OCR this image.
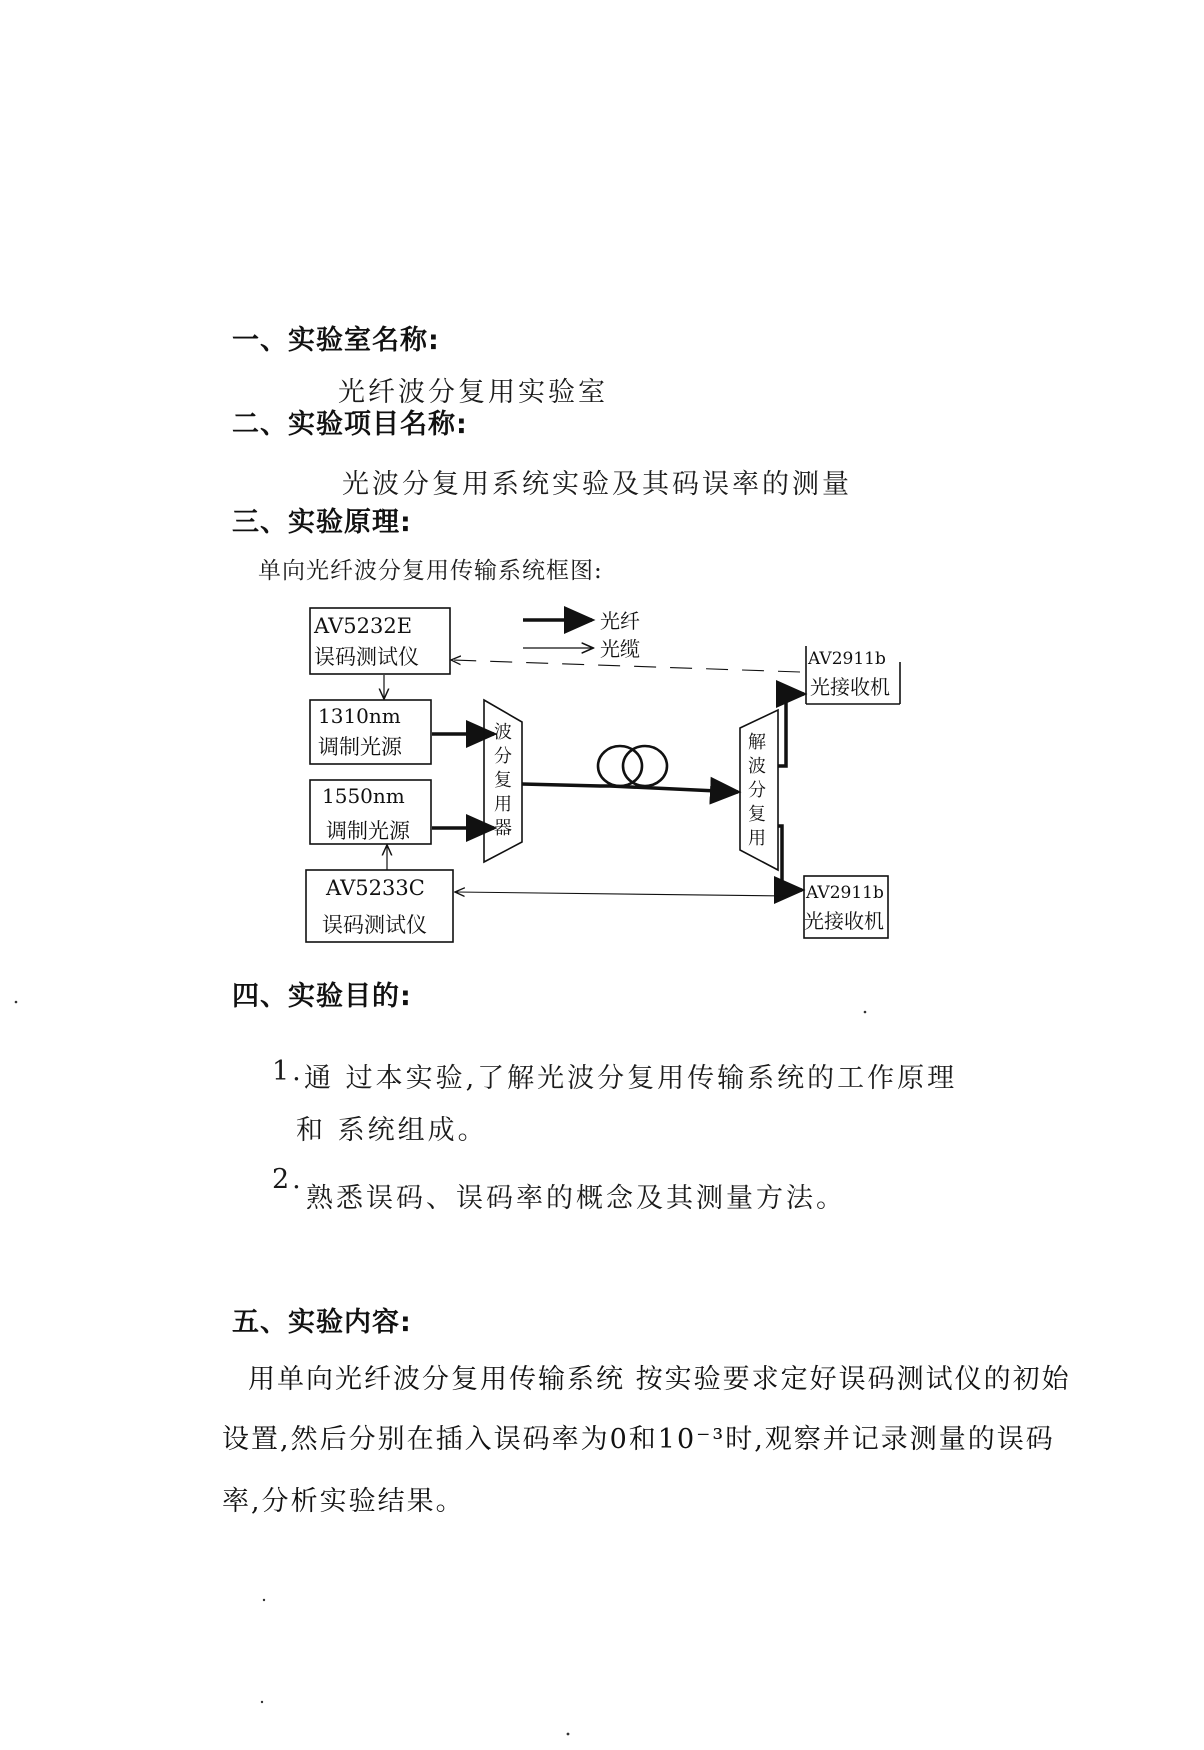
一、实验室名称:
光纤波分复用实验室
二、实验项目名称:
光波分复用系统实验及其码误率的测量
三、实验原理:
单向光纤波分复用传输系统框图:
AV5232E
误码测试仪
光纤
光缆
1310nm
调制光源
1550nm
调制光源
AV5233C
误码测试仪
波
分
复
用
器
解
波
分
复
用
AV2911b
光接收机
AV2911b
光接收机
四、实验目的:
1. 通 过本实验,了解光波分复用传输系统的工作原理
和 系统组成。
2.
熟悉误码、误码率的概念及其测量方法。
五、实验内容:
用单向光纤波分复用传输系统 按实验要求定好误码测试仪的初始
设置,然后分别在插入误码率为0和10⁻³时,观察并记录测量的误码
率,分析实验结果。
